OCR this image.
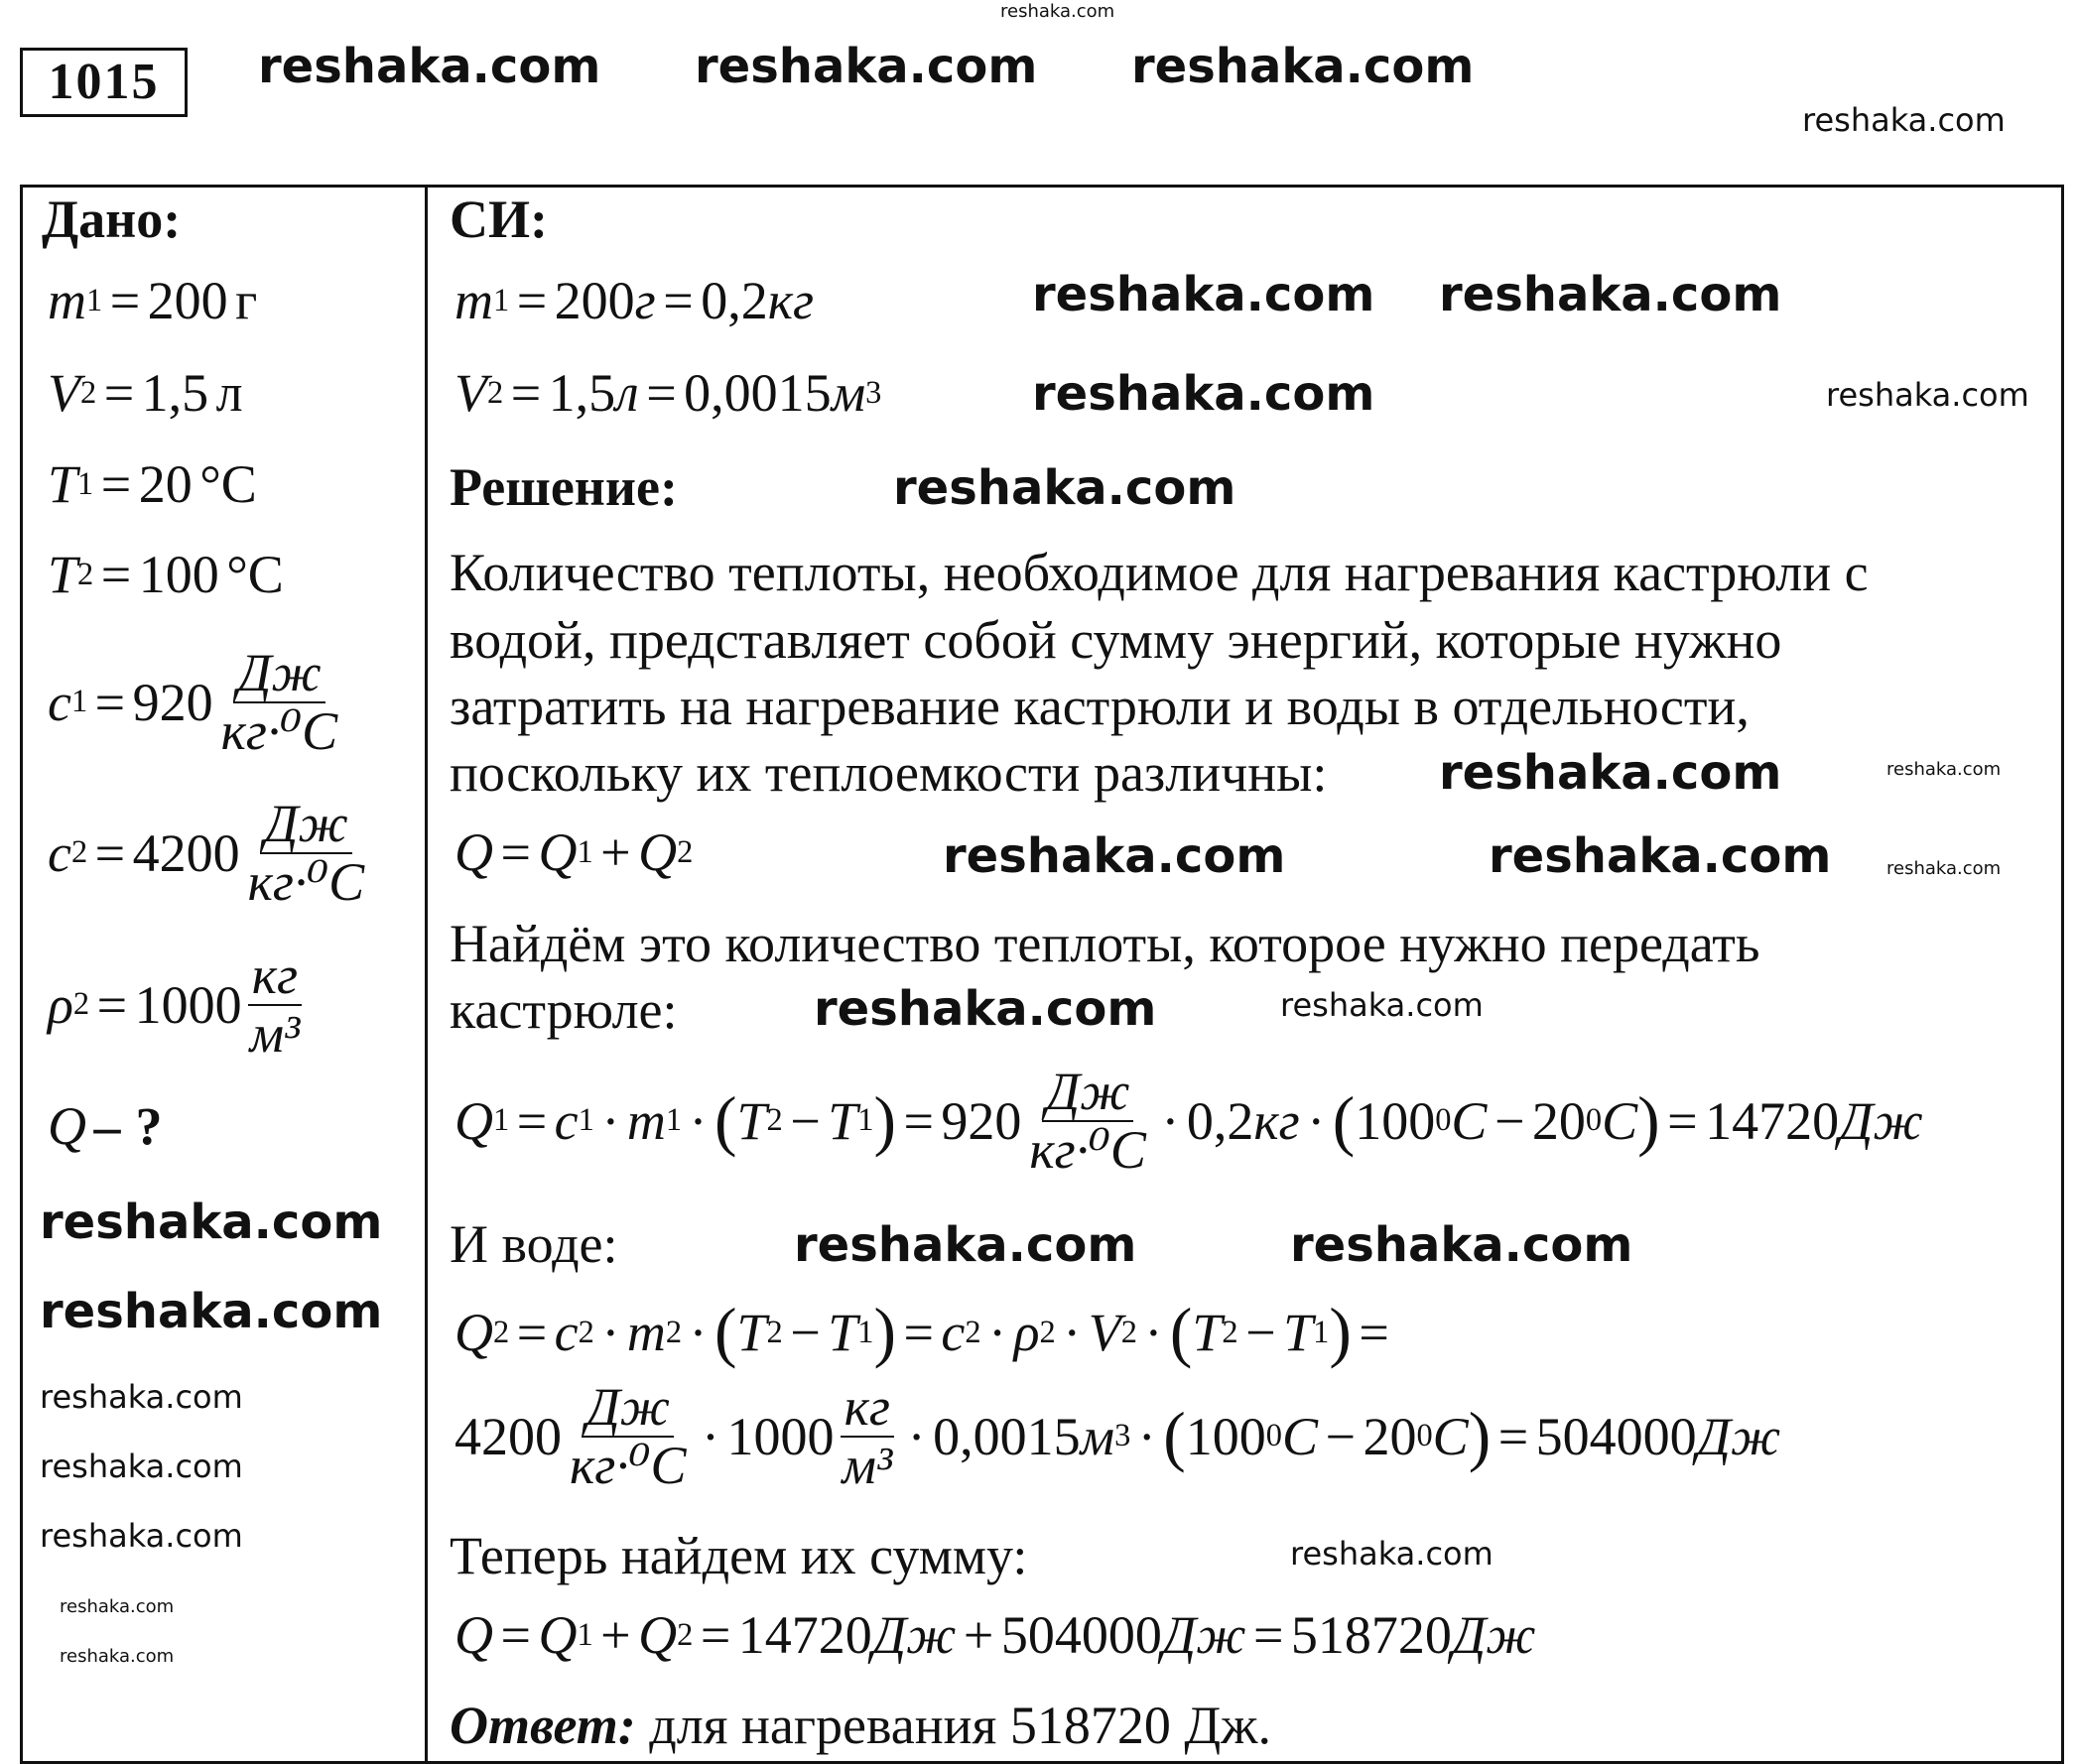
1015
Дано:
m 1 = 200 г
V 2 = 1,5 л
T 1 = 20 °C
T 2 = 100 °C
c $1 = 920 \frac{Дж}{\text{кг·⁰C}}$
c $2 = 4200 \frac{Дж}{\text{кг·⁰C}}$
ρ $2 = 1000 \frac{кг}{\text{м³}}$
Q –  ?
СИ:
m 1 = 200 г = 0,2 кг
V 2 = 1,5 л = 0,0015 м 3
Решение:
Количество теплоты, необходимое для нагревания кастрюли с
водой, представляет собой сумму энергий, которые нужно
затратить на нагревание кастрюли и воды в отдельности,
поскольку их теплоемкости различны:
Q = Q 1 + Q 2
Найдём это количество теплоты, которое нужно передать
кастрюле:
Q 1 = c 1 · m 1 · ( T 2 − T 1 ) = $920 \frac{Дж}{\text{кг·⁰C}} \cdot 0,2$ кг · ( 100 0 C − 20 0 C ) = 14720 Дж
И воде:
Q 2 = c 2 · m 2 · ( T 2 − T 1 ) = c 2 · ρ 2 · V 2 · ( T 2 − T 1 ) =
$4200 \frac{Дж}{\text{кг·⁰C}} \cdot 1000 \frac{кг}{\text{м³}} \cdot 0,0015$ м 3 · ( 100 0 C − 20 0 C ) = 504000 Дж
Теперь найдем их сумму:
Q = Q 1 + Q 2 = 14720 Дж + 504000 Дж = 518720 Дж
Ответ: для нагревания 518720 Дж.
reshaka.com
reshaka.com
reshaka.com
reshaka.com
reshaka.com
reshaka.com
reshaka.com
reshaka.com
reshaka.com
reshaka.com
reshaka.com
reshaka.com
reshaka.com reshaka.com reshaka.com
reshaka.com reshaka.com
reshaka.com
reshaka.com
reshaka.com
reshaka.com	reshaka.com
reshaka.com
reshaka.com	reshaka.com
reshaka.com
reshaka.com
